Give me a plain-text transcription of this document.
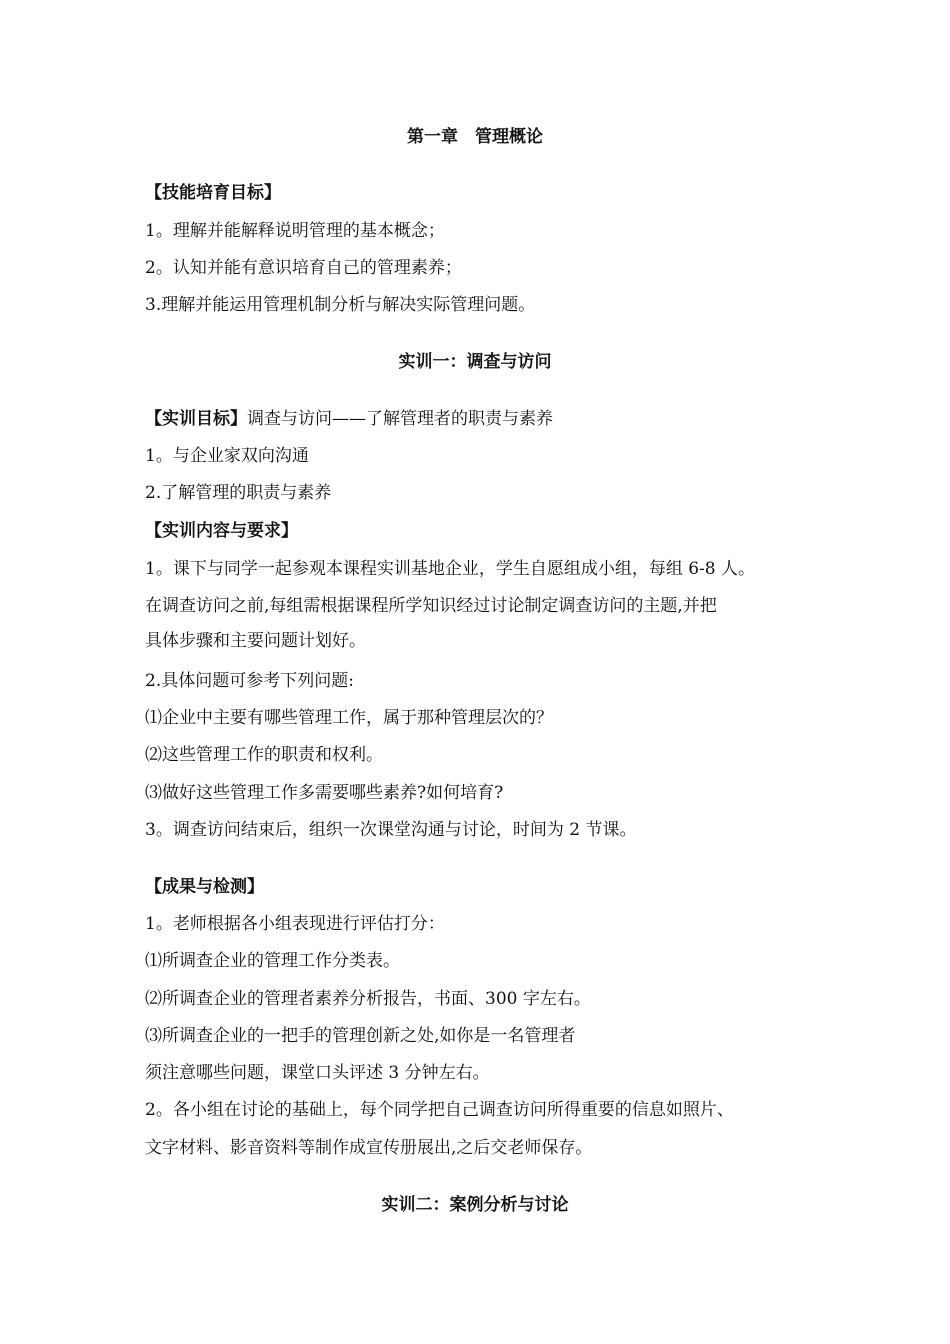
第一章　管理概论
【技能培育目标】
1。理解并能解释说明管理的基本概念；
2。认知并能有意识培育自己的管理素养；
3.理解并能运用管理机制分析与解决实际管理问题。
实训一：调查与访问
【实训目标】调查与访问——了解管理者的职责与素养
1。与企业家双向沟通
2.了解管理的职责与素养
【实训内容与要求】
1。课下与同学一起参观本课程实训基地企业，学生自愿组成小组，每组 6-8 人。
在调查访问之前,每组需根据课程所学知识经过讨论制定调查访问的主题,并把
具体步骤和主要问题计划好。
2.具体问题可参考下列问题:
⑴企业中主要有哪些管理工作，属于那种管理层次的？
⑵这些管理工作的职责和权利。
⑶做好这些管理工作多需要哪些素养?如何培育?
3。调查访问结束后，组织一次课堂沟通与讨论，时间为 2 节课。
【成果与检测】
1。老师根据各小组表现进行评估打分：
⑴所调查企业的管理工作分类表。
⑵所调查企业的管理者素养分析报告，书面、300 字左右。
⑶所调查企业的一把手的管理创新之处,如你是一名管理者
须注意哪些问题，课堂口头评述 3 分钟左右。
2。各小组在讨论的基础上，每个同学把自己调查访问所得重要的信息如照片、
文字材料、影音资料等制作成宣传册展出,之后交老师保存。
实训二：案例分析与讨论
